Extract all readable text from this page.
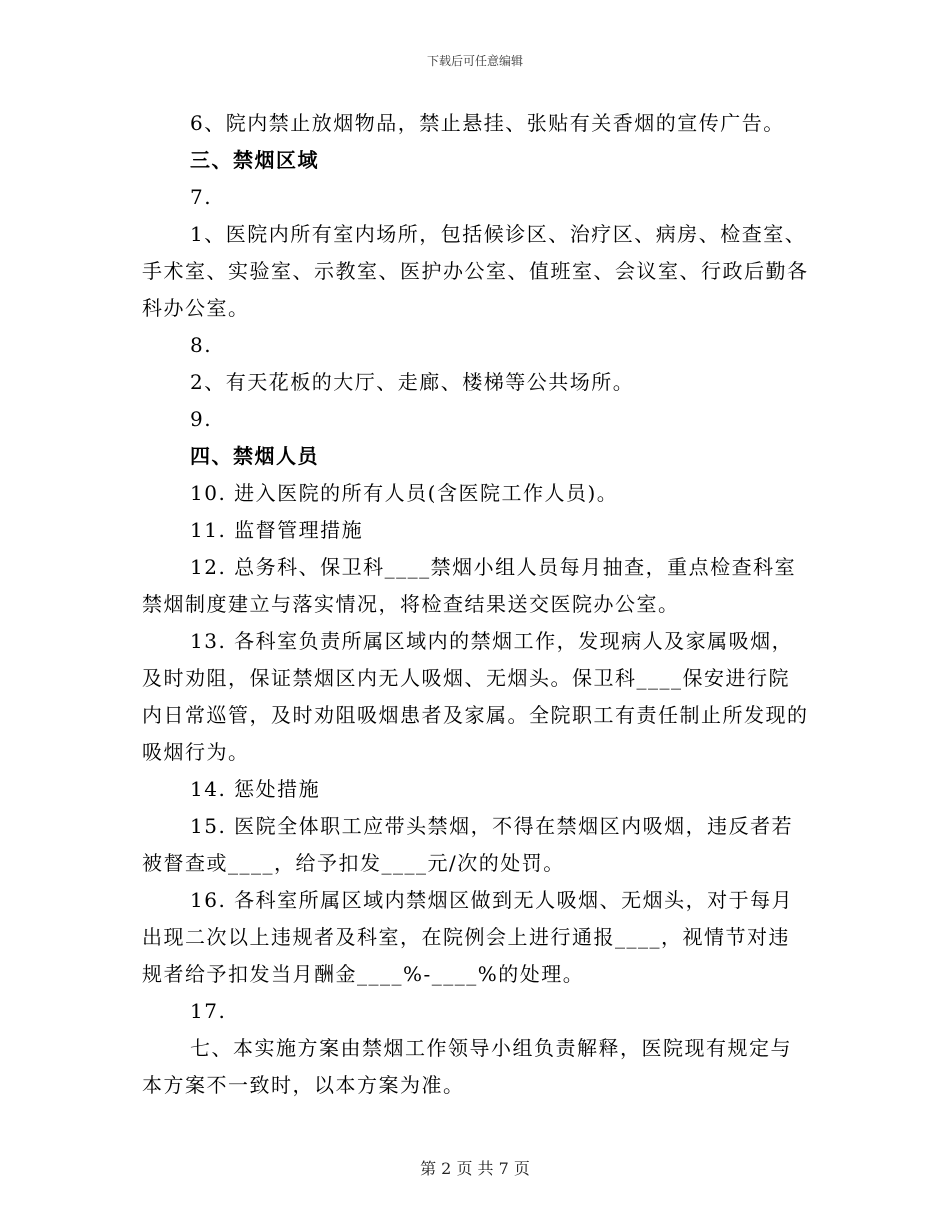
下载后可任意编辑

6、院内禁止放烟物品，禁止悬挂、张贴有关香烟的宣传广告。

三、禁烟区域

7.

1、医院内所有室内场所，包括候诊区、治疗区、病房、检查室、手术室、实验室、示教室、医护办公室、值班室、会议室、行政后勤各科办公室。

8.

2、有天花板的大厅、走廊、楼梯等公共场所。

9.

四、禁烟人员

10. 进入医院的所有人员(含医院工作人员)。

11. 监督管理措施

12. 总务科、保卫科____禁烟小组人员每月抽查，重点检查科室禁烟制度建立与落实情况，将检查结果送交医院办公室。

13. 各科室负责所属区域内的禁烟工作，发现病人及家属吸烟，及时劝阻，保证禁烟区内无人吸烟、无烟头。保卫科____保安进行院内日常巡管，及时劝阻吸烟患者及家属。全院职工有责任制止所发现的吸烟行为。

14. 惩处措施

15. 医院全体职工应带头禁烟，不得在禁烟区内吸烟，违反者若被督查或____，给予扣发____元/次的处罚。

16. 各科室所属区域内禁烟区做到无人吸烟、无烟头，对于每月出现二次以上违规者及科室，在院例会上进行通报____，视情节对违规者给予扣发当月酬金____%-____%的处理。

17.

七、本实施方案由禁烟工作领导小组负责解释，医院现有规定与本方案不一致时，以本方案为准。

第 2 页 共 7 页
